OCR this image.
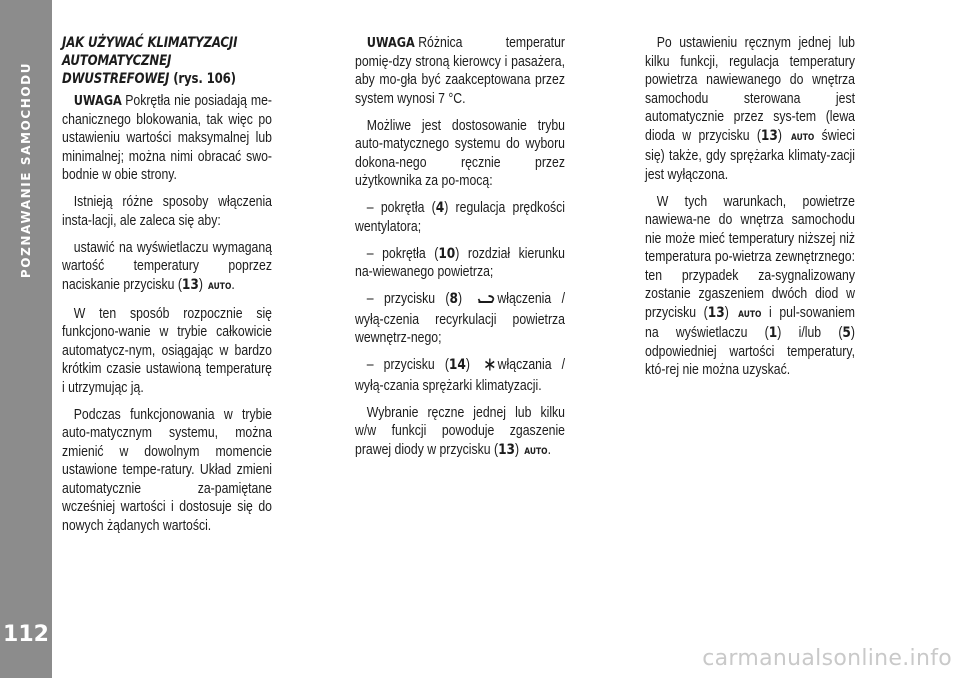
POZNAWANIE SAMOCHODU
112
JAK UŻYWAĆ KLIMATYZACJI AUTOMATYCZNEJ DWUSTREFOWEJ (rys. 106)

UWAGA Pokrętła nie posiadają me-chanicznego blokowania, tak więc po ustawieniu wartości maksymalnej lub minimalnej; można nimi obracać swo-bodnie w obie strony.

Istnieją różne sposoby włączenia insta-lacji, ale zaleca się aby:

ustawić na wyświetlaczu wymaganą wartość temperatury poprzez naciskanie przycisku (13) AUTO.

W ten sposób rozpocznie się funkcjono-wanie w trybie całkowicie automatycz-nym, osiągając w bardzo krótkim czasie ustawioną temperaturę i utrzymując ją.

Podczas funkcjonowania w trybie auto-matycznym systemu, można zmienić w dowolnym momencie ustawione tempe-ratury. Układ zmieni automatycznie za-pamiętane wcześniej wartości i dostosuje się do nowych żądanych wartości.

UWAGA Różnica temperatur pomię-dzy stroną kierowcy i pasażera, aby mo-gła być zaakceptowana przez system wynosi 7 °C.

Możliwe jest dostosowanie trybu auto-matycznego systemu do wyboru dokona-nego ręcznie przez użytkownika za po-mocą:

– pokrętła (4) regulacja prędkości wentylatora;

– pokrętła (10) rozdział kierunku na-wiewanego powietrza;

– przycisku (8) włączenia / wyłą-czenia recyrkulacji powietrza wewnętrz-nego;

– przycisku (14) włączania / wyłą-czania sprężarki klimatyzacji.

Wybranie ręczne jednej lub kilku w/w funkcji powoduje zgaszenie prawej diody w przycisku (13) AUTO.

Po ustawieniu ręcznym jednej lub kilku funkcji, regulacja temperatury powietrza nawiewanego do wnętrza samochodu sterowana jest automatycznie przez sys-tem (lewa dioda w przycisku (13) AUTO świeci się) także, gdy sprężarka klimaty-zacji jest wyłączona.

W tych warunkach, powietrze nawiewa-ne do wnętrza samochodu nie może mieć temperatury niższej niż temperatura po-wietrza zewnętrznego: ten przypadek za-sygnalizowany zostanie zgaszeniem dwóch diod w przycisku (13) AUTO i pul-sowaniem na wyświetlaczu (1) i/lub (5) odpowiedniej wartości temperatury, któ-rej nie można uzyskać.

carmanualsonline.info
